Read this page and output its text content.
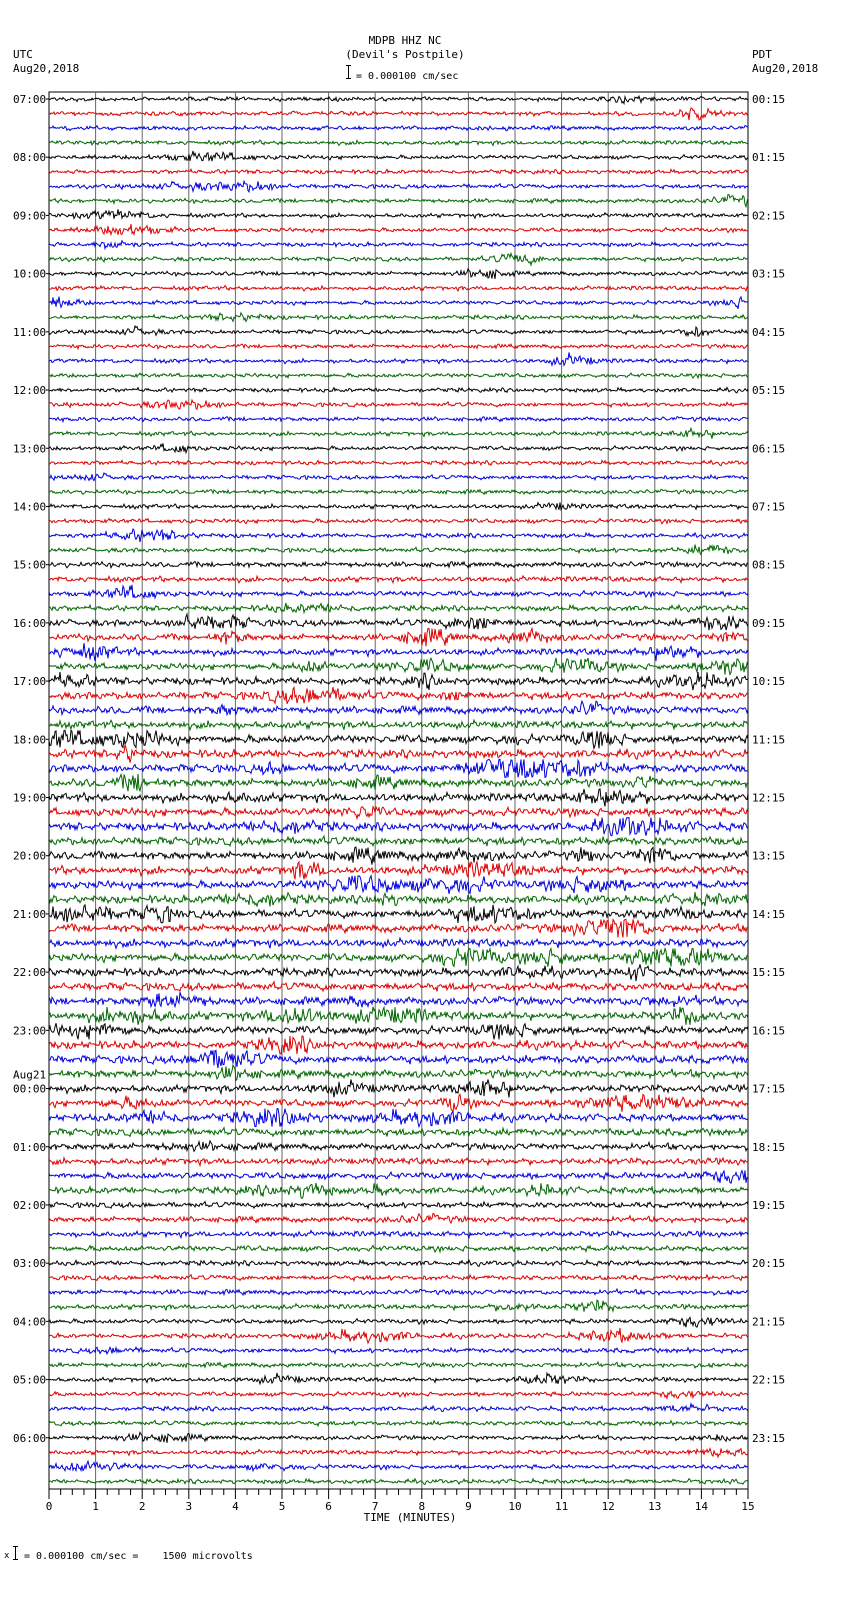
MDPB HHZ NC
(Devil's Postpile)
= 0.000100 cm/sec
UTC
Aug20,2018
PDT
Aug20,2018
0	1	2	3	4	5	6	7	8	9	10	11	12	13	14	15
07:00	00:15
08:00	01:15
09:00	02:15
10:00	03:15
11:00	04:15
12:00	05:15
13:00	06:15
14:00	07:15
15:00	08:15
16:00	09:15
17:00	10:15
18:00	11:15
19:00	12:15
20:00	13:15
21:00	14:15
22:00	15:15
23:00	16:15
00:00	17:15
01:00	18:15
02:00	19:15
03:00	20:15
04:00	21:15
05:00	22:15
06:00	23:15
Aug21
TIME (MINUTES)
x = 0.000100 cm/sec =    1500 microvolts
